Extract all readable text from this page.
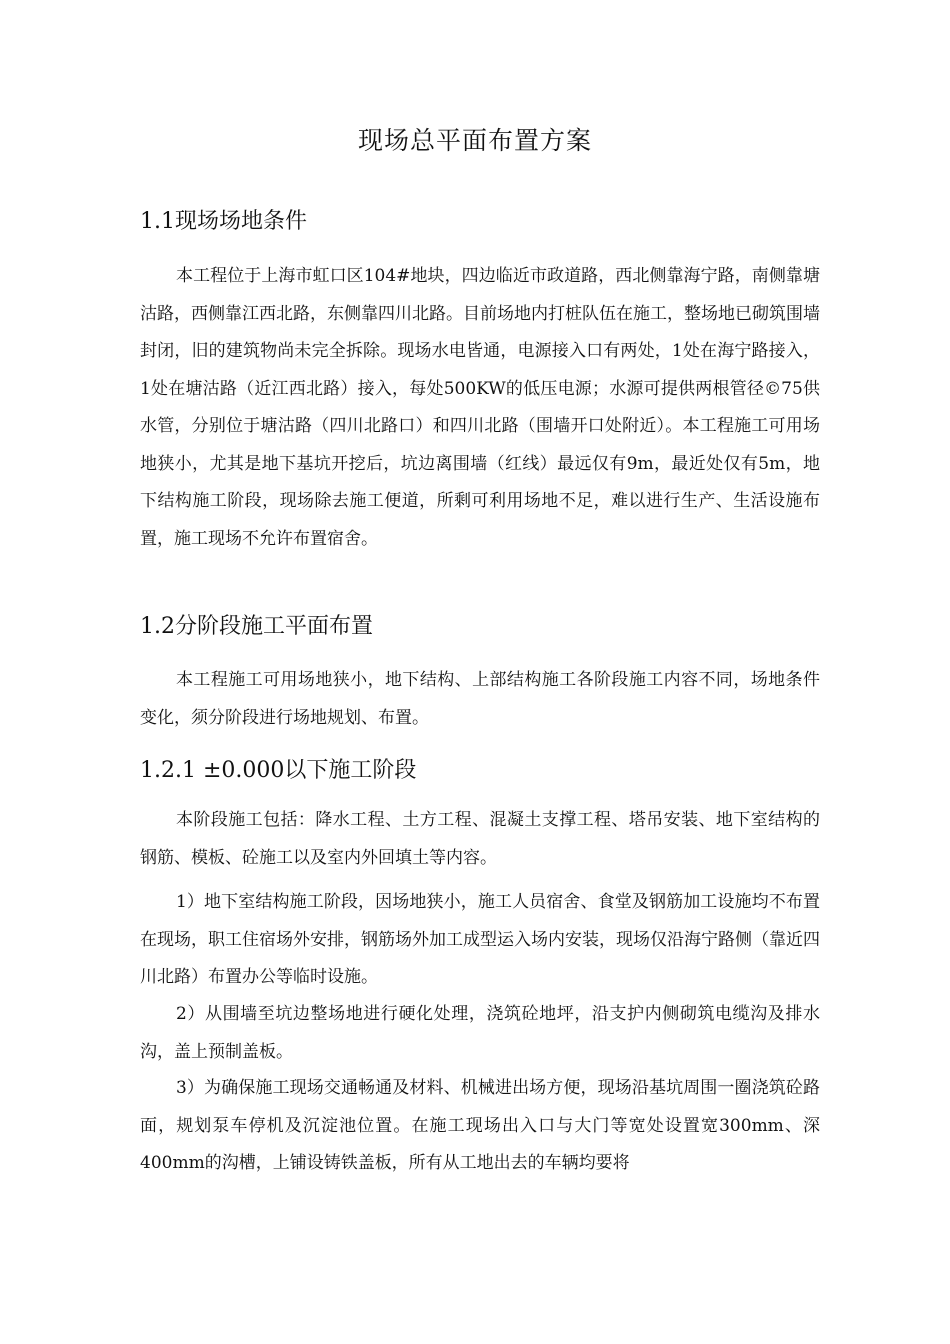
现场总平面布置方案
1.1现场场地条件

本工程位于上海市虹口区104#地块，四边临近市政道路，西北侧靠海宁路，南侧靠塘沽路，西侧靠江西北路，东侧靠四川北路。目前场地内打桩队伍在施工，整场地已砌筑围墙封闭，旧的建筑物尚未完全拆除。现场水电皆通，电源接入口有两处，1处在海宁路接入，1处在塘沽路（近江西北路）接入，每处500KW的低压电源；水源可提供两根管径©75供水管，分别位于塘沽路（四川北路口）和四川北路（围墙开口处附近）。本工程施工可用场地狭小，尤其是地下基坑开挖后，坑边离围墙（红线）最远仅有9m，最近处仅有5m，地下结构施工阶段，现场除去施工便道，所剩可利用场地不足，难以进行生产、生活设施布置，施工现场不允许布置宿舍。

1.2分阶段施工平面布置

本工程施工可用场地狭小，地下结构、上部结构施工各阶段施工内容不同，场地条件变化，须分阶段进行场地规划、布置。

1.2.1 ±0.000以下施工阶段

本阶段施工包括：降水工程、土方工程、混凝土支撑工程、塔吊安装、地下室结构的钢筋、模板、砼施工以及室内外回填土等内容。

1）地下室结构施工阶段，因场地狭小，施工人员宿舍、食堂及钢筋加工设施均不布置在现场，职工住宿场外安排，钢筋场外加工成型运入场内安装，现场仅沿海宁路侧（靠近四川北路）布置办公等临时设施。

2）从围墙至坑边整场地进行硬化处理，浇筑砼地坪，沿支护内侧砌筑电缆沟及排水沟，盖上预制盖板。

3）为确保施工现场交通畅通及材料、机械进出场方便，现场沿基坑周围一圈浇筑砼路面，规划泵车停机及沉淀池位置。在施工现场出入口与大门等宽处设置宽300mm、深400mm的沟槽，上铺设铸铁盖板，所有从工地出去的车辆均要将
